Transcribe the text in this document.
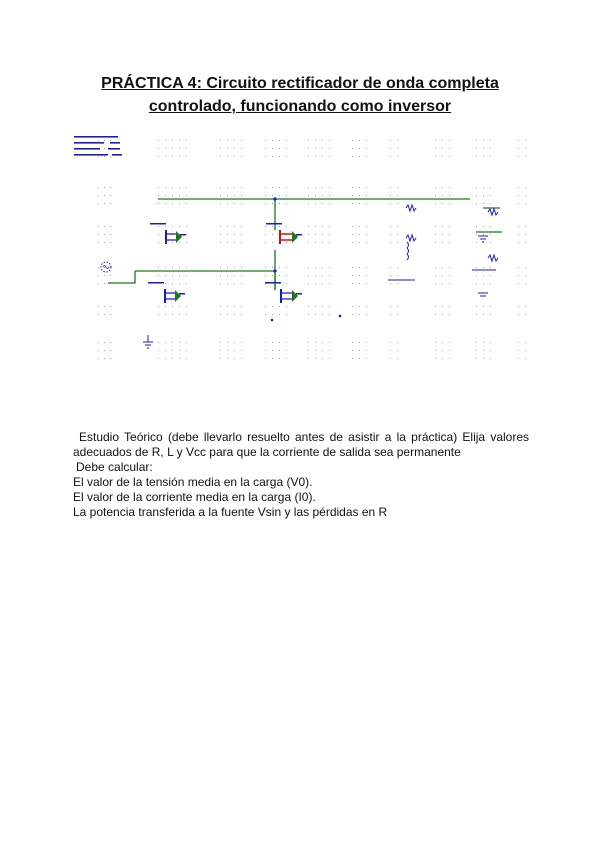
PRÁCTICA 4: Circuito rectificador de onda completa
controlado, funcionando como inversor

Estudio Teórico (debe llevarlo resuelto antes de asistir a la práctica) Elija valores adecuados de R, L y Vcc para que la corriente de salida sea permanente

Debe calcular:

El valor de la tensión media en la carga (V0).

El valor de la corriente media en la carga (I0).

La potencia transferida a la fuente Vsin y las pérdidas en R
